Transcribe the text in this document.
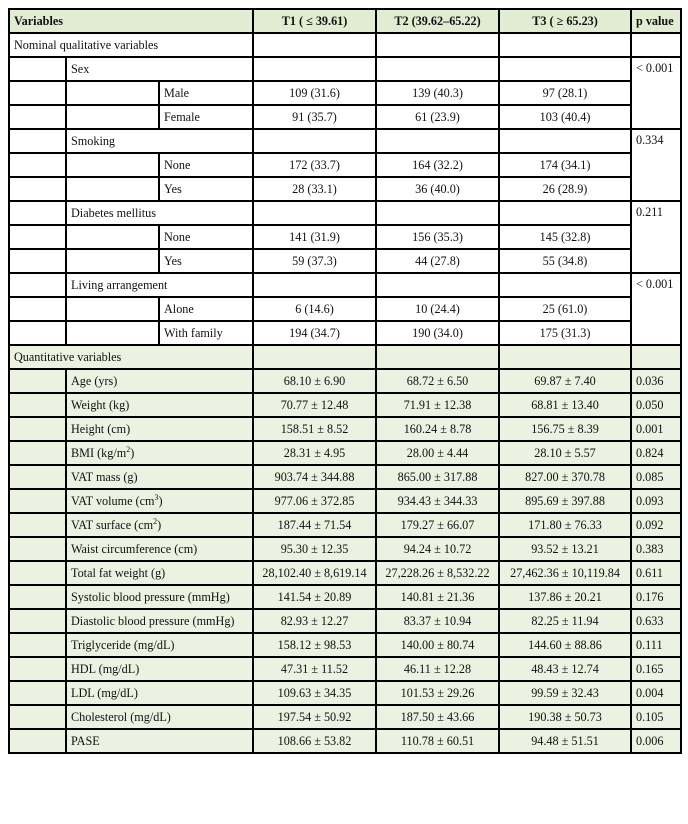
Variables			T1 ( ≤ 39.61)	T2 (39.62–65.22)	T3 ( ≥ 65.23)	p value
Nominal qualitative variables						
	Sex					< 0.001
		Male	109 (31.6)	139 (40.3)	97 (28.1)	
		Female	91 (35.7)	61 (23.9)	103 (40.4)	
	Smoking					0.334
		None	172 (33.7)	164 (32.2)	174 (34.1)	
		Yes	28 (33.1)	36 (40.0)	26 (28.9)	
	Diabetes mellitus					0.211
		None	141 (31.9)	156 (35.3)	145 (32.8)	
		Yes	59 (37.3)	44 (27.8)	55 (34.8)	
	Living arrangement					< 0.001
		Alone	6 (14.6)	10 (24.4)	25 (61.0)	
		With family	194 (34.7)	190 (34.0)	175 (31.3)	
Quantitative variables						
	Age (yrs)		68.10 ± 6.90	68.72 ± 6.50	69.87 ± 7.40	0.036
	Weight (kg)		70.77 ± 12.48	71.91 ± 12.38	68.81 ± 13.40	0.050
	Height (cm)		158.51 ± 8.52	160.24 ± 8.78	156.75 ± 8.39	0.001
	BMI $(kg/m^2)$		28.31 ± 4.95	28.00 ± 4.44	28.10 ± 5.57	0.824
	VAT mass (g)		903.74 ± 344.88	865.00 ± 317.88	827.00 ± 370.78	0.085
	VAT volume $(cm^3)$		977.06 ± 372.85	934.43 ± 344.33	895.69 ± 397.88	0.093
	VAT surface $(cm^2)$		187.44 ± 71.54	179.27 ± 66.07	171.80 ± 76.33	0.092
	Waist circumference (cm)		95.30 ± 12.35	94.24 ± 10.72	93.52 ± 13.21	0.383
	Total fat weight (g)		28,102.40 ± 8,619.14	27,228.26 ± 8,532.22	27,462.36 ± 10,119.84	0.611
	Systolic blood pressure (mmHg)		141.54 ± 20.89	140.81 ± 21.36	137.86 ± 20.21	0.176
	Diastolic blood pressure (mmHg)		82.93 ± 12.27	83.37 ± 10.94	82.25 ± 11.94	0.633
	Triglyceride (mg/dL)		158.12 ± 98.53	140.00 ± 80.74	144.60 ± 88.86	0.111
	HDL (mg/dL)		47.31 ± 11.52	46.11 ± 12.28	48.43 ± 12.74	0.165
	LDL (mg/dL)		109.63 ± 34.35	101.53 ± 29.26	99.59 ± 32.43	0.004
	Cholesterol (mg/dL)		197.54 ± 50.92	187.50 ± 43.66	190.38 ± 50.73	0.105
	PASE		108.66 ± 53.82	110.78 ± 60.51	94.48 ± 51.51	0.006
